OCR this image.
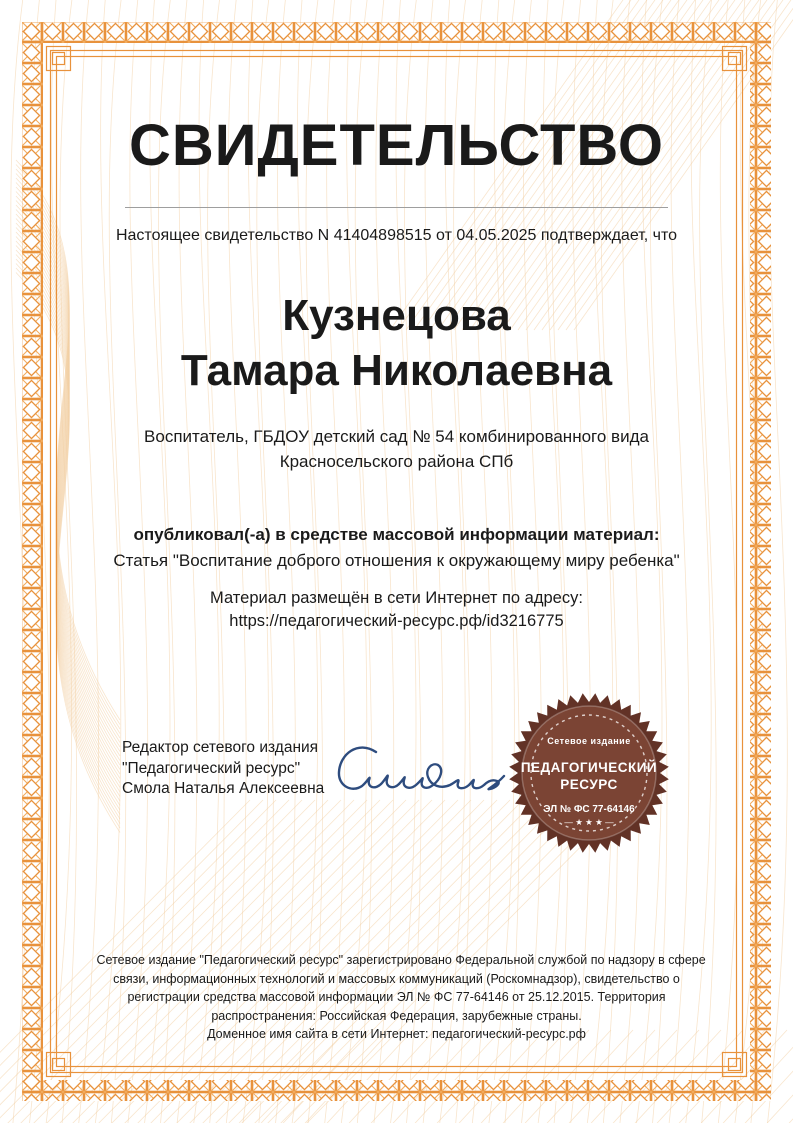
СВИДЕТЕЛЬСТВО
Настоящее свидетельство N 41404898515 от 04.05.2025 подтверждает, что
Кузнецова
Тамара Николаевна
Воспитатель, ГБДОУ детский сад № 54 комбинированного вида
Красносельского района СПб
опубликовал(-а) в средстве массовой информации материал:
Статья "Воспитание доброго отношения к окружающему миру ребенка"
Материал размещён в сети Интернет по адресу:
https://педагогический-ресурс.рф/id3216775
Редактор сетевого издания
"Педагогический ресурс"
Смола Наталья Алексеевна
Сетевое издание
ПЕДАГОГИЧЕСКИЙ
РЕСУРС
ЭЛ № ФС 77-64146
— ★ ★ ★ —
Сетевое издание "Педагогический ресурс" зарегистрировано Федеральной службой по надзору в сфере
связи, информационных технологий и массовых коммуникаций (Роскомнадзор), свидетельство о
регистрации средства массовой информации ЭЛ № ФС 77-64146 от 25.12.2015. Территория
распространения: Российская Федерация, зарубежные страны.
Доменное имя сайта в сети Интернет: педагогический-ресурс.рф
